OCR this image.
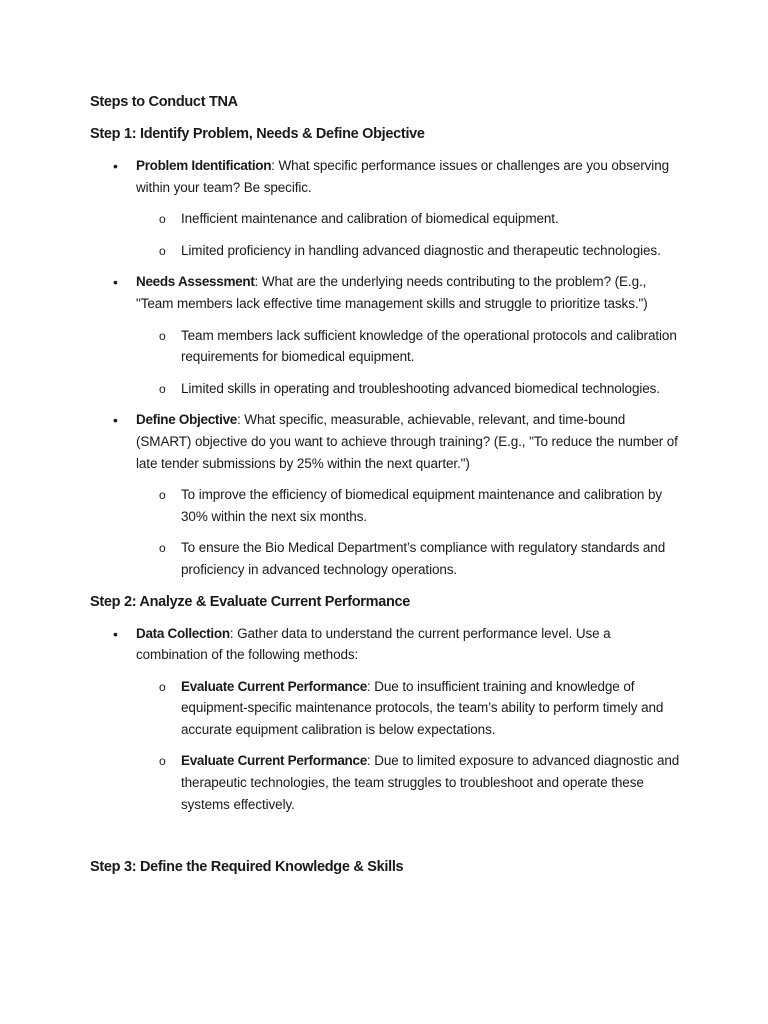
Steps to Conduct TNA
Step 1: Identify Problem, Needs & Define Objective
• Problem Identification: What specific performance issues or challenges are you observing within your team? Be specific.
o Inefficient maintenance and calibration of biomedical equipment.
o Limited proficiency in handling advanced diagnostic and therapeutic technologies.
• Needs Assessment: What are the underlying needs contributing to the problem? (E.g., "Team members lack effective time management skills and struggle to prioritize tasks.")
o Team members lack sufficient knowledge of the operational protocols and calibration requirements for biomedical equipment.
o Limited skills in operating and troubleshooting advanced biomedical technologies.
• Define Objective: What specific, measurable, achievable, relevant, and time-bound (SMART) objective do you want to achieve through training? (E.g., "To reduce the number of late tender submissions by 25% within the next quarter.")
o To improve the efficiency of biomedical equipment maintenance and calibration by 30% within the next six months.
o To ensure the Bio Medical Department’s compliance with regulatory standards and proficiency in advanced technology operations.
Step 2: Analyze & Evaluate Current Performance
• Data Collection: Gather data to understand the current performance level. Use a combination of the following methods:
o Evaluate Current Performance: Due to insufficient training and knowledge of equipment-specific maintenance protocols, the team’s ability to perform timely and accurate equipment calibration is below expectations.
o Evaluate Current Performance: Due to limited exposure to advanced diagnostic and therapeutic technologies, the team struggles to troubleshoot and operate these systems effectively.
Step 3: Define the Required Knowledge & Skills
